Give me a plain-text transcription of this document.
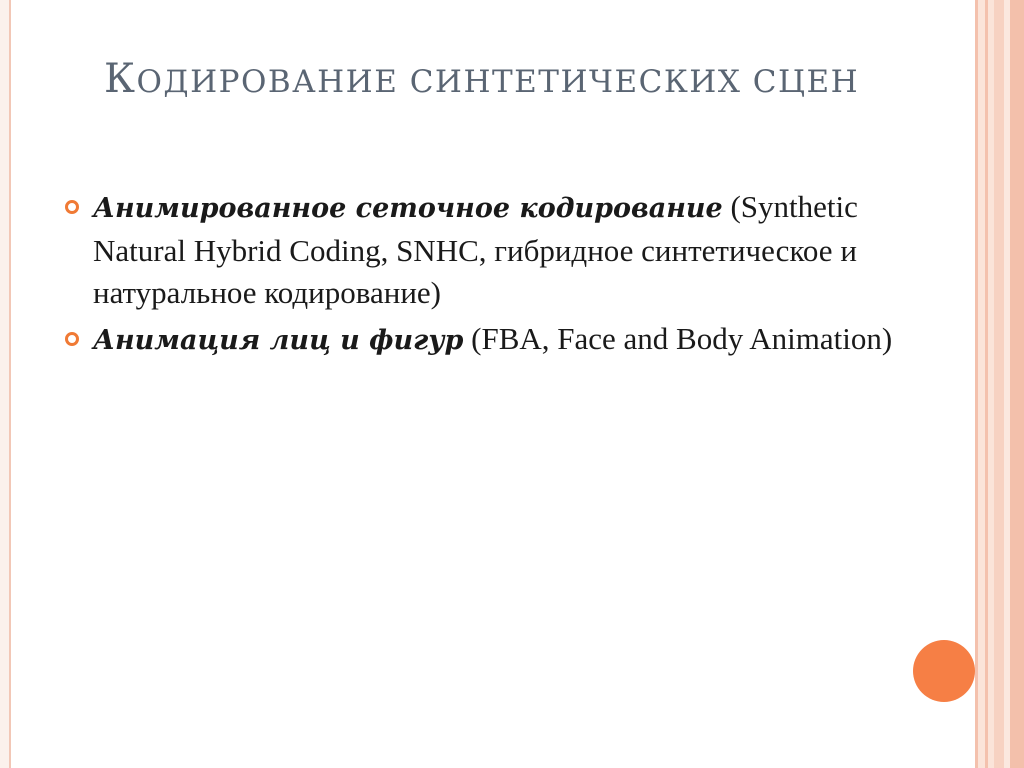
КОДИРОВАНИЕ СИНТЕТИЧЕСКИХ СЦЕН
Анимированное сеточное кодирование (Synthetic Natural Hybrid Coding, SNHC, гибридное синтетическое и натуральное кодирование)
Анимация лиц и фигур (FBA, Face and Body Animation)
